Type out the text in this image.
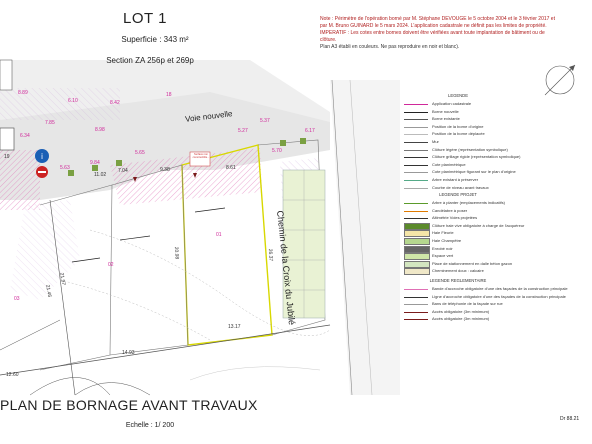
i
LOT 1
Superficie : 343 m²
Section ZA 256p et 269p
Note : Périmètre de l'opération borné par M. Stéphane DEVOUGE le 5 octobre 2004 et le 3 février 2017 et
par M. Bruno GUINARD le 5 mars 2024. L'application cadastrale ne définit pas les limites de propriété.
IMPERATIF : Les cotes entre bornes doivent être vérifiées avant toute implantation de bâtiment ou de clôture.
Plan A3 établi en couleurs. Ne pas reproduire en noir et blanc).
Voie nouvelle
Chemin de la Croix du Jubilé
18
19
01
02
03
8.89
6.10
7.85
8.98
6.34
8.42
5.63
9.84
5.65	5.70
8.61
11.02
7.04	9.38
26.37
20.98
13.17
14.93
12.60
21.46
21.97
6.17
5.37
5.27
Surface non
constructible...
LEGENDE
Application cadastrale
Borne nouvelle
Borne existante
Position de la borne d'origine
Position de la borne déplacée
Mur
Clôture légère (représentation symbolique)
Clôture grillage rigide (représentation symbolique)
Cote planimétrique
Cote planimétrique figurant sur le plan d'origine
Arbre existant à préserver
Courbe de niveau avant travaux
Arbre à planter (emplacements indicatifs)
Candélabre à poser
Altimétrie Voies projetées
Clôture haie vive obligatoire à charge de l'acquéreur
Haie Fleurie
Haie Champêtre
Enrobé noir
Espace vert
Place de stationnement en dalle béton gazon
Cheminement doux : calcaire
Bande d'accroche obligatoire d'une des façades de la construction principale
Ligne d'accroche obligatoire d'une des façades de la construction principale
Bans de téléphonie de la façade sur rue
Accès obligatoire (3m minimum)
Accès obligatoire (3m minimum)
LEGENDE PROJET
LEGENDE REGLEMENTAIRE
PLAN DE BORNAGE AVANT TRAVAUX
Echelle : 1/ 200
Dr 88.21
